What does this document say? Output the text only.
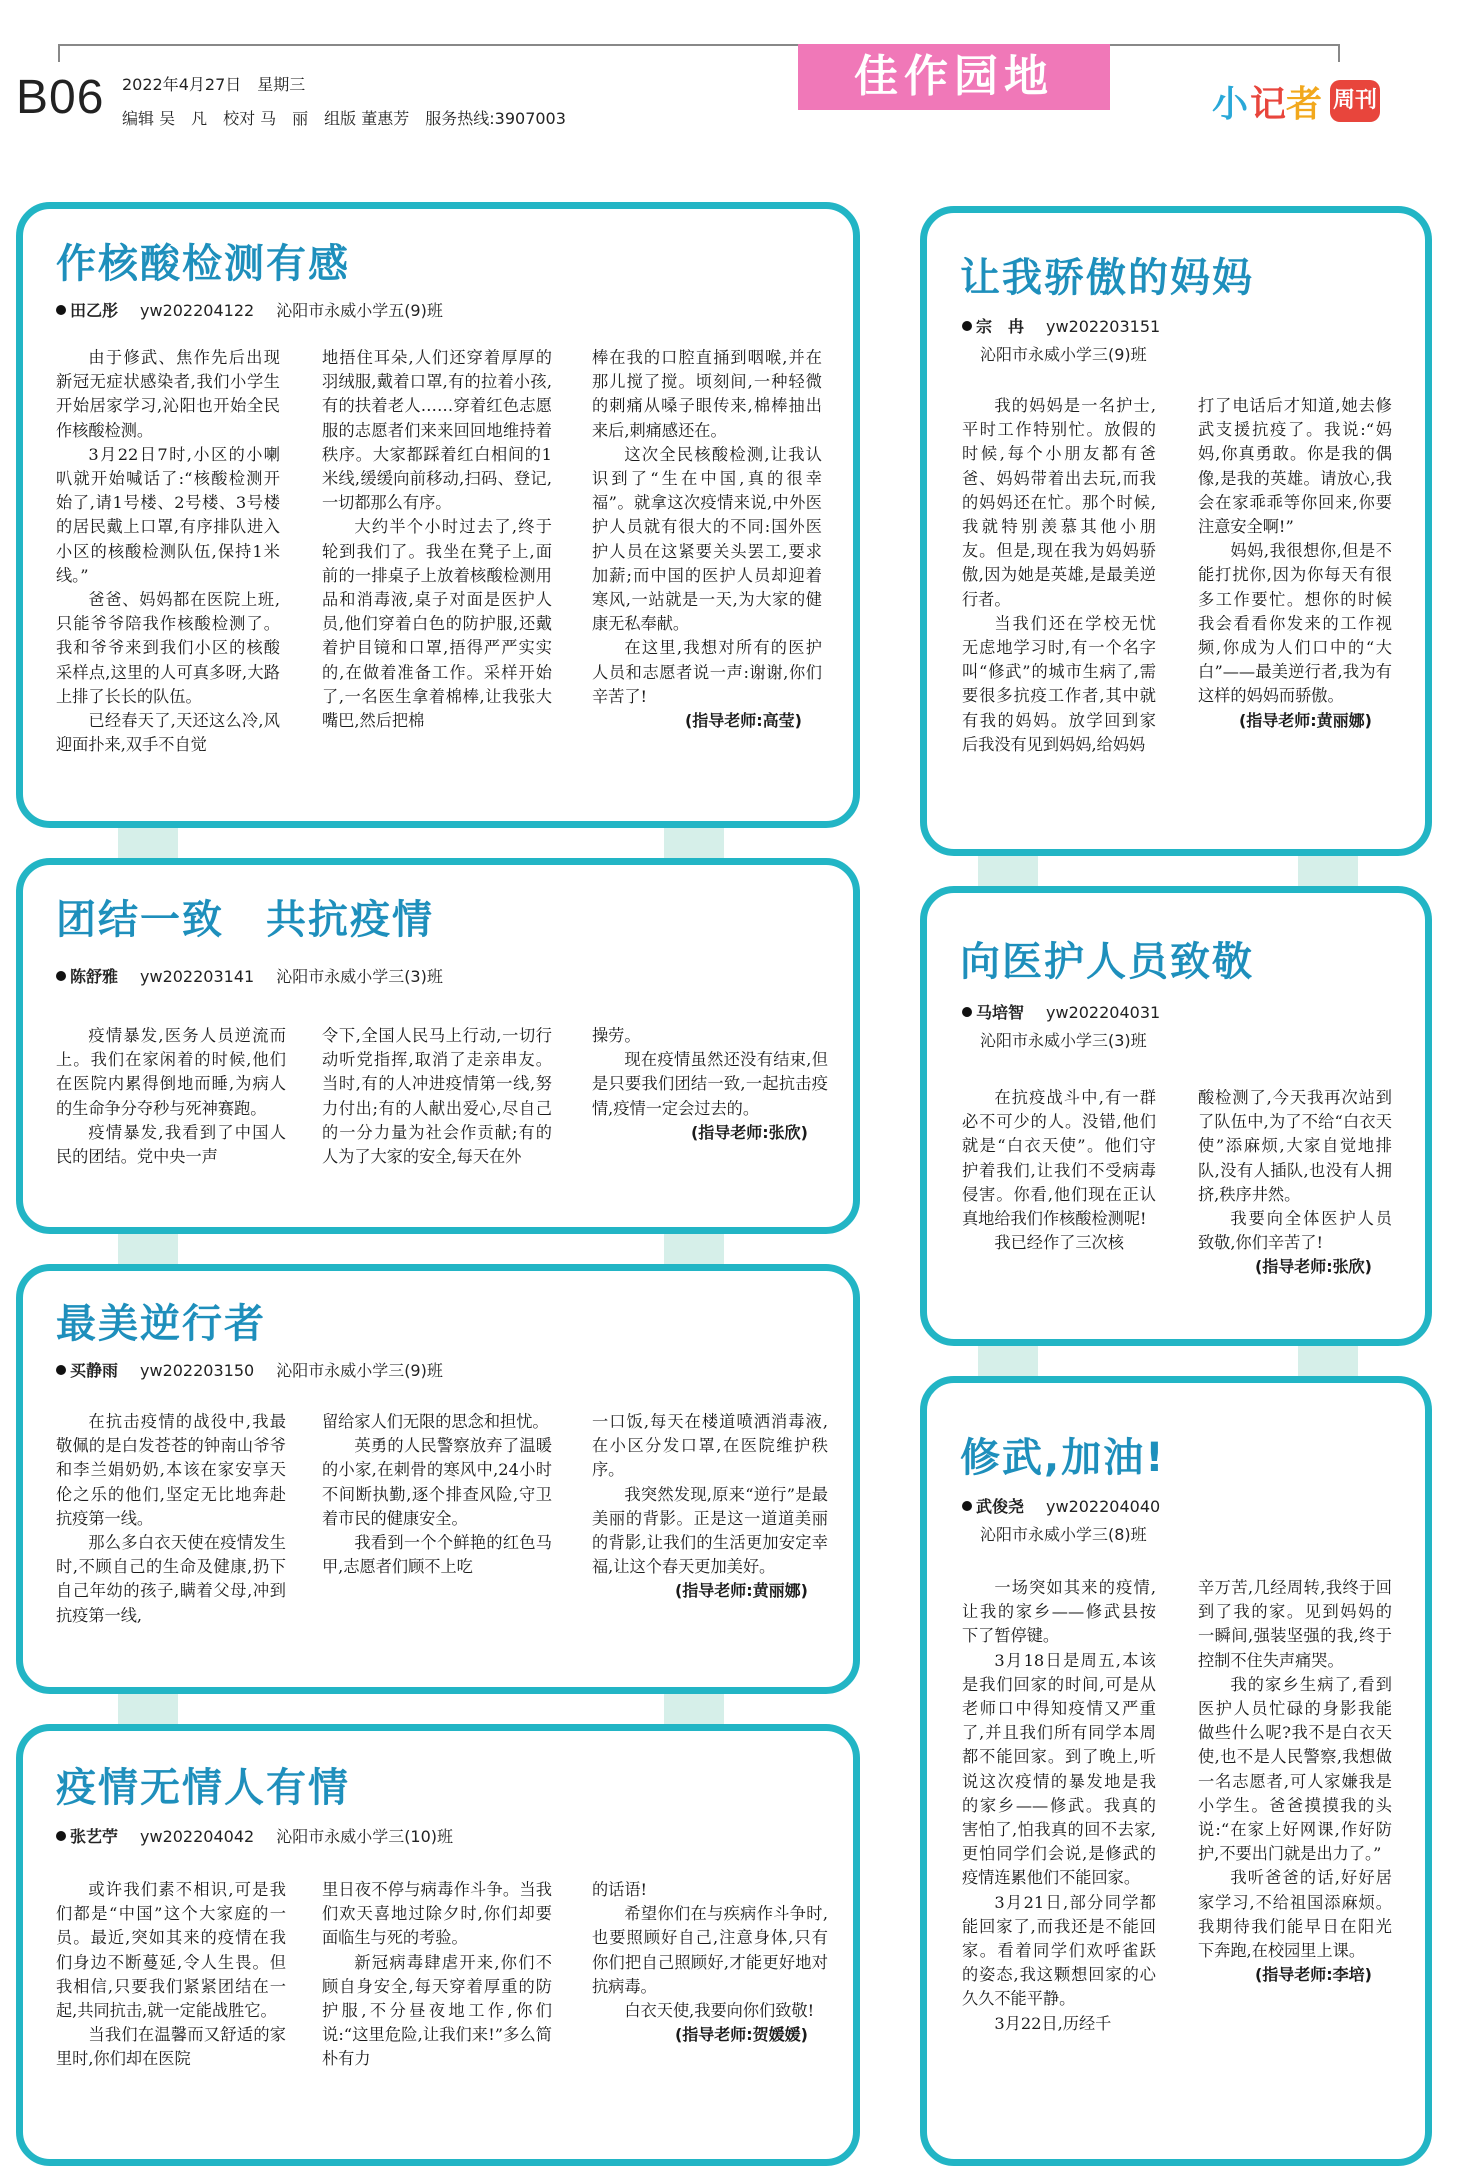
B06 2022年4月27日　星期三
编辑 吴　凡　校对 马　丽　组版 董惠芳　服务热线:3907003
佳作园地
小 记 者 周刊
作核酸检测有感
田乙彤 yw202204122 沁阳市永威小学五(9)班

由于修武、焦作先后出现新冠无症状感染者,我们小学生开始居家学习,沁阳也开始全民作核酸检测。

3月22日7时,小区的小喇叭就开始喊话了:“核酸检测开始了,请1号楼、2号楼、3号楼的居民戴上口罩,有序排队进入小区的核酸检测队伍,保持1米线。”

爸爸、妈妈都在医院上班,只能爷爷陪我作核酸检测了。我和爷爷来到我们小区的核酸采样点,这里的人可真多呀,大路上排了长长的队伍。

已经春天了,天还这么冷,风迎面扑来,双手不自觉

地捂住耳朵,人们还穿着厚厚的羽绒服,戴着口罩,有的拉着小孩,有的扶着老人……穿着红色志愿服的志愿者们来来回回地维持着秩序。大家都踩着红白相间的1米线,缓缓向前移动,扫码、登记,一切都那么有序。

大约半个小时过去了,终于轮到我们了。我坐在凳子上,面前的一排桌子上放着核酸检测用品和消毒液,桌子对面是医护人员,他们穿着白色的防护服,还戴着护目镜和口罩,捂得严严实实的,在做着准备工作。采样开始了,一名医生拿着棉棒,让我张大嘴巴,然后把棉

棒在我的口腔直捅到咽喉,并在那儿搅了搅。顷刻间,一种轻微的刺痛从嗓子眼传来,棉棒抽出来后,刺痛感还在。

这次全民核酸检测,让我认识到了“生在中国,真的很幸福”。就拿这次疫情来说,中外医护人员就有很大的不同:国外医护人员在这紧要关头罢工,要求加薪;而中国的医护人员却迎着寒风,一站就是一天,为大家的健康无私奉献。

在这里,我想对所有的医护人员和志愿者说一声:谢谢,你们辛苦了!

(指导老师:高莹)

团结一致　共抗疫情
陈舒雅 yw202203141 沁阳市永威小学三(3)班

疫情暴发,医务人员逆流而上。我们在家闲着的时候,他们在医院内累得倒地而睡,为病人的生命争分夺秒与死神赛跑。

疫情暴发,我看到了中国人民的团结。党中央一声

令下,全国人民马上行动,一切行动听党指挥,取消了走亲串友。当时,有的人冲进疫情第一线,努力付出;有的人献出爱心,尽自己的一分力量为社会作贡献;有的人为了大家的安全,每天在外

操劳。

现在疫情虽然还没有结束,但是只要我们团结一致,一起抗击疫情,疫情一定会过去的。

(指导老师:张欣)

最美逆行者
买静雨 yw202203150 沁阳市永威小学三(9)班

在抗击疫情的战役中,我最敬佩的是白发苍苍的钟南山爷爷和李兰娟奶奶,本该在家安享天伦之乐的他们,坚定无比地奔赴抗疫第一线。

那么多白衣天使在疫情发生时,不顾自己的生命及健康,扔下自己年幼的孩子,瞒着父母,冲到抗疫第一线,

留给家人们无限的思念和担忧。

英勇的人民警察放弃了温暖的小家,在刺骨的寒风中,24小时不间断执勤,逐个排查风险,守卫着市民的健康安全。

我看到一个个鲜艳的红色马甲,志愿者们顾不上吃

一口饭,每天在楼道喷洒消毒液,在小区分发口罩,在医院维护秩序。

我突然发现,原来“逆行”是最美丽的背影。正是这一道道美丽的背影,让我们的生活更加安定幸福,让这个春天更加美好。

(指导老师:黄丽娜)

疫情无情人有情
张艺苧 yw202204042 沁阳市永威小学三(10)班

或许我们素不相识,可是我们都是“中国”这个大家庭的一员。最近,突如其来的疫情在我们身边不断蔓延,令人生畏。但我相信,只要我们紧紧团结在一起,共同抗击,就一定能战胜它。

当我们在温馨而又舒适的家里时,你们却在医院

里日夜不停与病毒作斗争。当我们欢天喜地过除夕时,你们却要面临生与死的考验。

新冠病毒肆虐开来,你们不顾自身安全,每天穿着厚重的防护服,不分昼夜地工作,你们说:“这里危险,让我们来!”多么简朴有力

的话语!

希望你们在与疾病作斗争时,也要照顾好自己,注意身体,只有你们把自己照顾好,才能更好地对抗病毒。

白衣天使,我要向你们致敬!

(指导老师:贺媛媛)

让我骄傲的妈妈
宗　冉 yw202203151
沁阳市永威小学三(9)班

我的妈妈是一名护士,平时工作特别忙。放假的时候,每个小朋友都有爸爸、妈妈带着出去玩,而我的妈妈还在忙。那个时候,我就特别羡慕其他小朋友。但是,现在我为妈妈骄傲,因为她是英雄,是最美逆行者。

当我们还在学校无忧无虑地学习时,有一个名字叫“修武”的城市生病了,需要很多抗疫工作者,其中就有我的妈妈。放学回到家后我没有见到妈妈,给妈妈

打了电话后才知道,她去修武支援抗疫了。我说:“妈妈,你真勇敢。你是我的偶像,是我的英雄。请放心,我会在家乖乖等你回来,你要注意安全啊!”

妈妈,我很想你,但是不能打扰你,因为你每天有很多工作要忙。想你的时候我会看看你发来的工作视频,你成为人们口中的“大白”——最美逆行者,我为有这样的妈妈而骄傲。

(指导老师:黄丽娜)

向医护人员致敬
马培智 yw202204031
沁阳市永威小学三(3)班

在抗疫战斗中,有一群必不可少的人。没错,他们就是“白衣天使”。他们守护着我们,让我们不受病毒侵害。你看,他们现在正认真地给我们作核酸检测呢!

我已经作了三次核

酸检测了,今天我再次站到了队伍中,为了不给“白衣天使”添麻烦,大家自觉地排队,没有人插队,也没有人拥挤,秩序井然。

我要向全体医护人员致敬,你们辛苦了!

(指导老师:张欣)

修武,加油!
武俊尧 yw202204040
沁阳市永威小学三(8)班

一场突如其来的疫情,让我的家乡——修武县按下了暂停键。

3月18日是周五,本该是我们回家的时间,可是从老师口中得知疫情又严重了,并且我们所有同学本周都不能回家。到了晚上,听说这次疫情的暴发地是我的家乡——修武。我真的害怕了,怕我真的回不去家,更怕同学们会说,是修武的疫情连累他们不能回家。

3月21日,部分同学都能回家了,而我还是不能回家。看着同学们欢呼雀跃的姿态,我这颗想回家的心久久不能平静。

3月22日,历经千

辛万苦,几经周转,我终于回到了我的家。见到妈妈的一瞬间,强装坚强的我,终于控制不住失声痛哭。

我的家乡生病了,看到医护人员忙碌的身影我能做些什么呢?我不是白衣天使,也不是人民警察,我想做一名志愿者,可人家嫌我是小学生。爸爸摸摸我的头说:“在家上好网课,作好防护,不要出门就是出力了。”

我听爸爸的话,好好居家学习,不给祖国添麻烦。我期待我们能早日在阳光下奔跑,在校园里上课。

(指导老师:李培)
